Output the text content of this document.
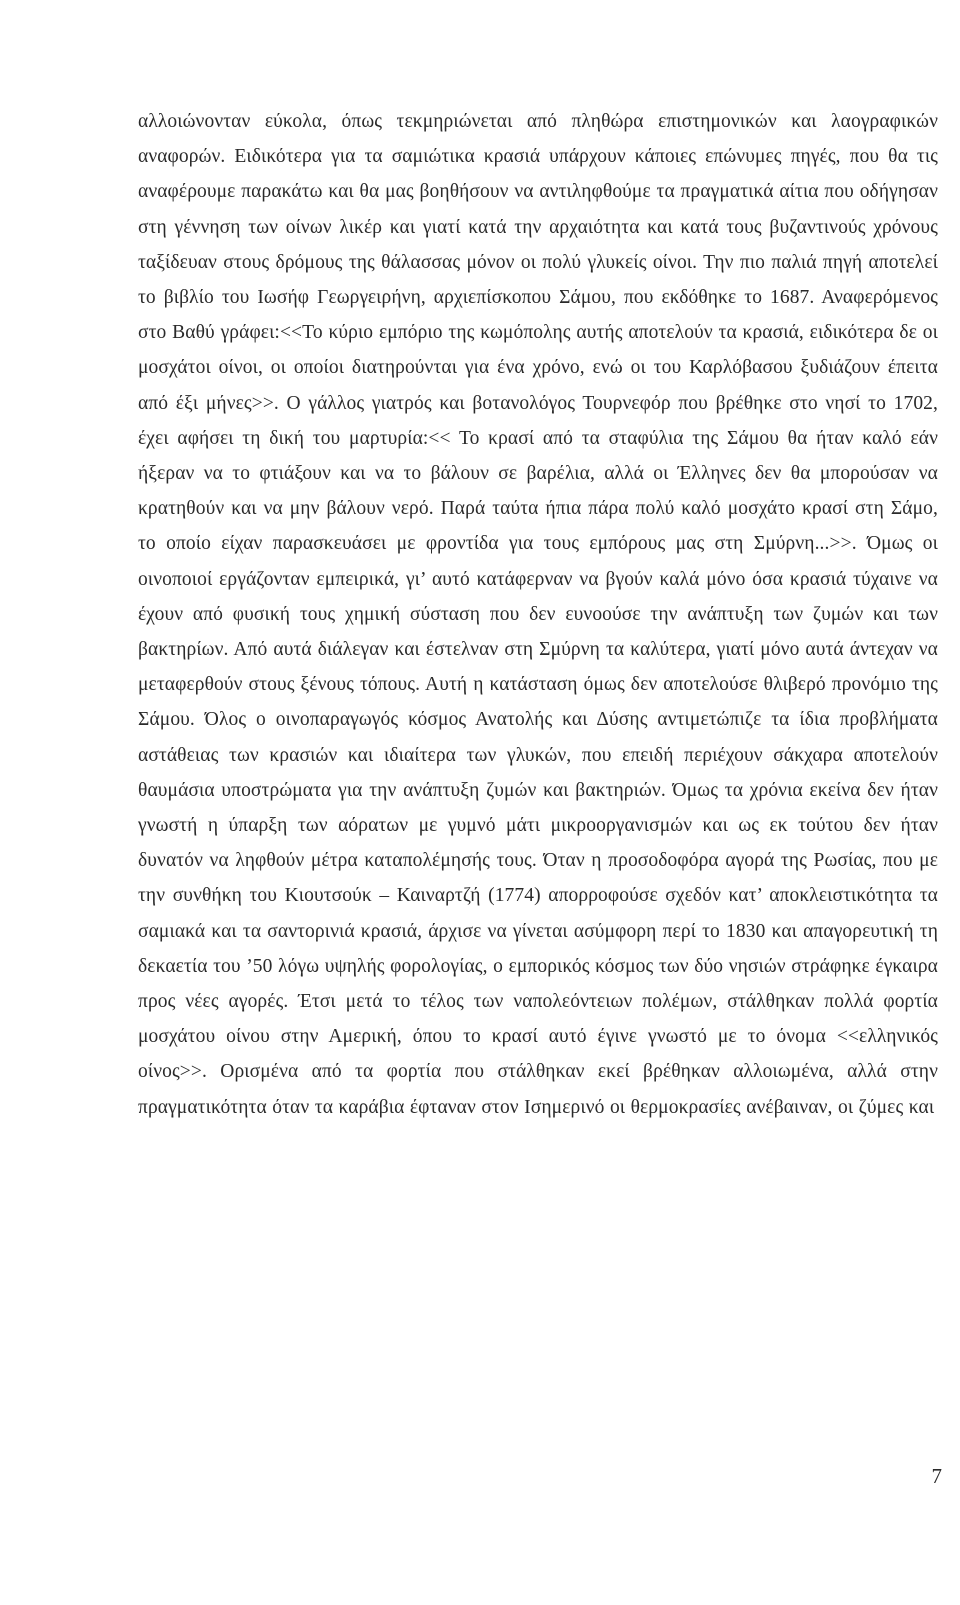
αλλοιώνονταν εύκολα, όπως τεκμηριώνεται από πληθώρα επιστημονικών και λαογραφικών αναφορών. Ειδικότερα για τα σαμιώτικα κρασιά υπάρχουν κάποιες επώνυμες πηγές, που θα τις αναφέρουμε παρακάτω και θα μας βοηθήσουν να αντιληφθούμε τα πραγματικά αίτια που οδήγησαν στη γέννηση των οίνων λικέρ και γιατί κατά την αρχαιότητα και κατά τους βυζαντινούς χρόνους ταξίδευαν στους δρόμους της θάλασσας μόνον οι πολύ γλυκείς οίνοι. Την πιο παλιά πηγή αποτελεί το βιβλίο του Ιωσήφ Γεωργειρήνη, αρχιεπίσκοπου Σάμου, που εκδόθηκε το 1687. Αναφερόμενος στο Βαθύ γράφει:<<Το κύριο εμπόριο της κωμόπολης αυτής αποτελούν τα κρασιά, ειδικότερα δε οι μοσχάτοι οίνοι, οι οποίοι διατηρούνται για ένα χρόνο, ενώ οι του Καρλόβασου ξυδιάζουν έπειτα από έξι μήνες>>. Ο γάλλος γιατρός και βοτανολόγος Τουρνεφόρ που βρέθηκε στο νησί το 1702, έχει αφήσει τη δική του μαρτυρία:<< Το κρασί από τα σταφύλια της Σάμου θα ήταν καλό εάν ήξεραν να το φτιάξουν και να το βάλουν σε βαρέλια, αλλά οι Έλληνες δεν θα μπορούσαν να κρατηθούν και να μην βάλουν νερό. Παρά ταύτα ήπια πάρα πολύ καλό μοσχάτο κρασί στη Σάμο, το οποίο είχαν παρασκευάσει με φροντίδα για τους εμπόρους μας στη Σμύρνη...>>. Όμως οι οινοποιοί εργάζονταν εμπειρικά, γι’ αυτό κατάφερναν να βγούν καλά μόνο όσα κρασιά τύχαινε να έχουν από φυσική τους χημική σύσταση που δεν ευνοούσε την ανάπτυξη των ζυμών και των βακτηρίων. Από αυτά διάλεγαν και έστελναν στη Σμύρνη τα καλύτερα, γιατί μόνο αυτά άντεχαν να μεταφερθούν στους ξένους τόπους. Αυτή η κατάσταση όμως δεν αποτελούσε θλιβερό προνόμιο της Σάμου. Όλος ο οινοπαραγωγός κόσμος Ανατολής και Δύσης αντιμετώπιζε τα ίδια προβλήματα αστάθειας των κρασιών και ιδιαίτερα των γλυκών, που επειδή περιέχουν σάκχαρα αποτελούν θαυμάσια υποστρώματα για την ανάπτυξη ζυμών και βακτηριών. Όμως τα χρόνια εκείνα δεν ήταν γνωστή η ύπαρξη των αόρατων με γυμνό μάτι μικροοργανισμών και ως εκ τούτου δεν ήταν δυνατόν να ληφθούν μέτρα καταπολέμησής τους. Όταν η προσοδοφόρα αγορά της Ρωσίας, που με την συνθήκη του Κιουτσούκ – Καιναρτζή (1774) απορροφούσε σχεδόν κατ’ αποκλειστικότητα τα σαμιακά και τα σαντορινιά κρασιά, άρχισε να γίνεται ασύμφορη περί το 1830 και απαγορευτική τη δεκαετία του ’50 λόγω υψηλής φορολογίας, ο εμπορικός κόσμος των δύο νησιών στράφηκε έγκαιρα προς νέες αγορές. Έτσι μετά το τέλος των ναπολεόντειων πολέμων, στάλθηκαν πολλά φορτία μοσχάτου οίνου στην Αμερική, όπου το κρασί αυτό έγινε γνωστό με το όνομα <<ελληνικός οίνος>>. Ορισμένα από τα φορτία που στάλθηκαν εκεί βρέθηκαν αλλοιωμένα, αλλά στην πραγματικότητα όταν τα καράβια έφταναν στον Ισημερινό οι θερμοκρασίες ανέβαιναν, οι ζύμες και

7
